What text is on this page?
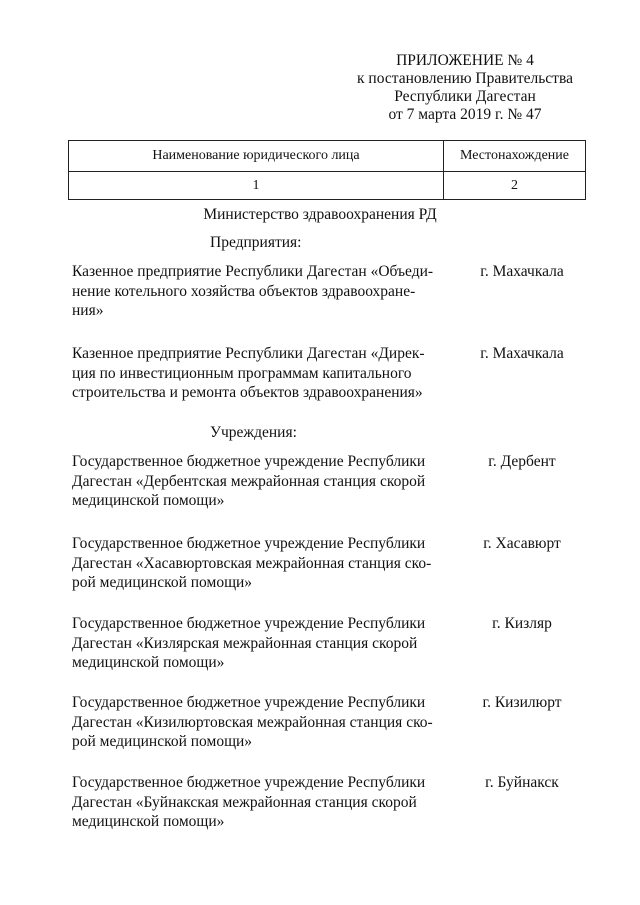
ПРИЛОЖЕНИЕ № 4
к постановлению Правительства
Республики Дагестан
от 7 марта 2019 г. № 47
Наименование юридического лица	Местонахождение
1	2
Министерство здравоохранения РД
Предприятия:
Казенное предприятие Республики Дагестан «Объеди-
нение котельного хозяйства объектов здравоохране-
ния»
г. Махачкала
Казенное предприятие Республики Дагестан «Дирек-
ция по инвестиционным программам капитального
строительства и ремонта объектов здравоохранения»
г. Махачкала
Учреждения:
Государственное бюджетное учреждение Республики
Дагестан «Дербентская межрайонная станция скорой
медицинской помощи»
г. Дербент
Государственное бюджетное учреждение Республики
Дагестан «Хасавюртовская межрайонная станция ско-
рой медицинской помощи»
г. Хасавюрт
Государственное бюджетное учреждение Республики
Дагестан «Кизлярская межрайонная станция скорой
медицинской помощи»
г. Кизляр
Государственное бюджетное учреждение Республики
Дагестан «Кизилюртовская межрайонная станция ско-
рой медицинской помощи»
г. Кизилюрт
Государственное бюджетное учреждение Республики
Дагестан «Буйнакская межрайонная станция скорой
медицинской помощи»
г. Буйнакск
